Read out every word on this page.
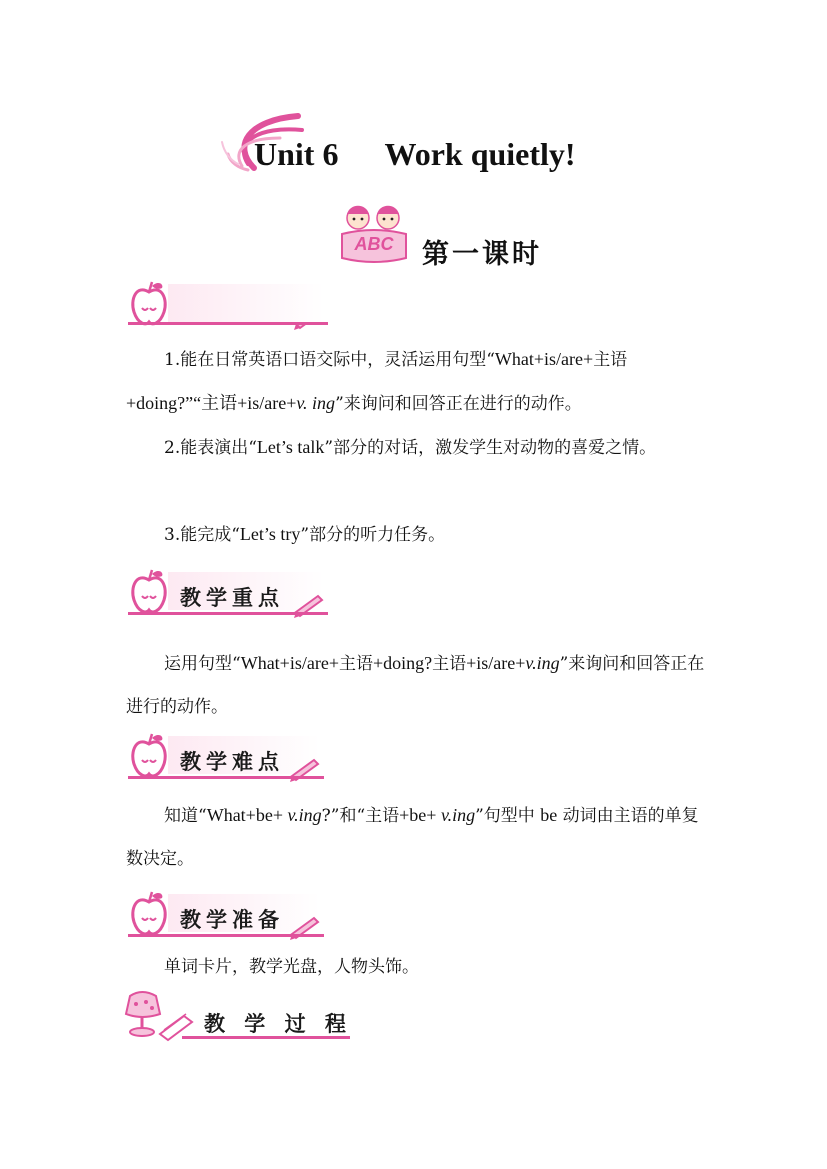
Unit 6 Work quietly!
ABC	第一课时
1.能在日常英语口语交际中，灵活运用句型“What+is/are+主语+doing?”“主语+is/are+v. ing”来询问和回答正在进行的动作。
2.能表演出“Let’s talk”部分的对话，激发学生对动物的喜爱之情。
3.能完成“Let’s try”部分的听力任务。
教学重点
运用句型“What+is/are+主语+doing?主语+is/are+v.ing”来询问和回答正在进行的动作。
教学难点
知道“What+be+ v.ing?”和“主语+be+ v.ing”句型中 be 动词由主语的单复数决定。
教学准备
单词卡片，教学光盘，人物头饰。
教 学 过 程
